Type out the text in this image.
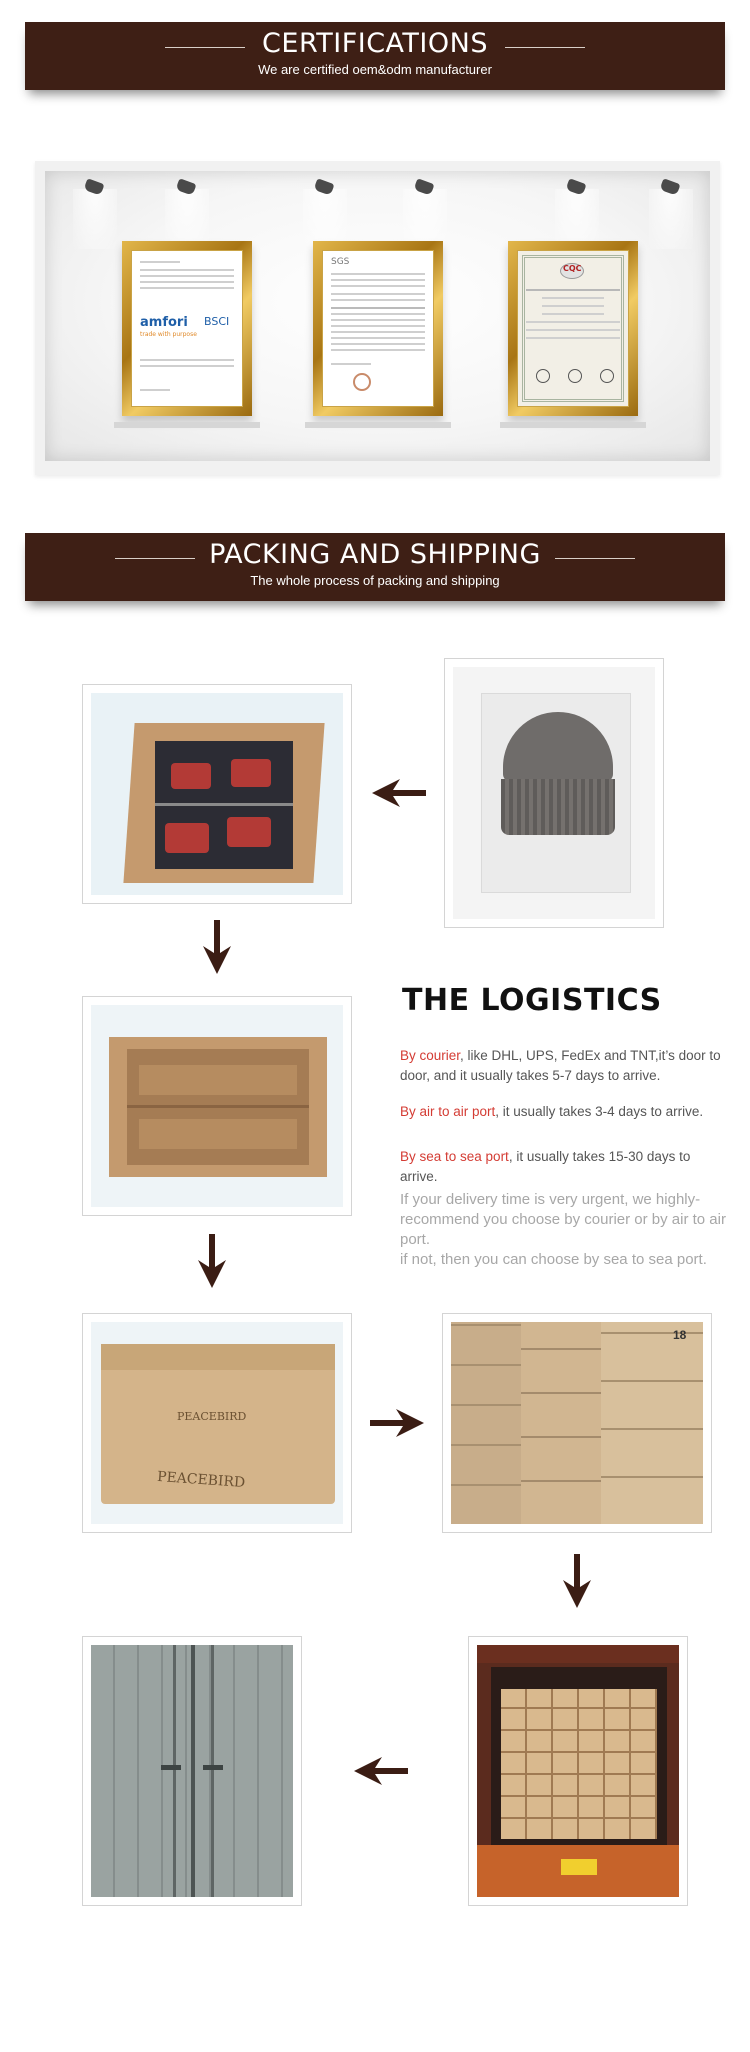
CERTIFICATIONS
We are certified oem&odm manufacturer
amfori BSCI
trade with purpose
SGS
CQC
PACKING AND SHIPPING
The whole process of packing and shipping
THE LOGISTICS

By courier, like DHL, UPS, FedEx and TNT,it’s door to door, and it usually takes 5-7 days to arrive.

By air to air port, it usually takes 3-4 days to arrive.

By sea to sea port, it usually takes 15-30 days to arrive.

If your delivery time is very urgent, we highly-recommend you choose by courier or by air to air port.
if not, then you can choose by sea to sea port.
PEACEBIRD
PEACEBIRD
18
